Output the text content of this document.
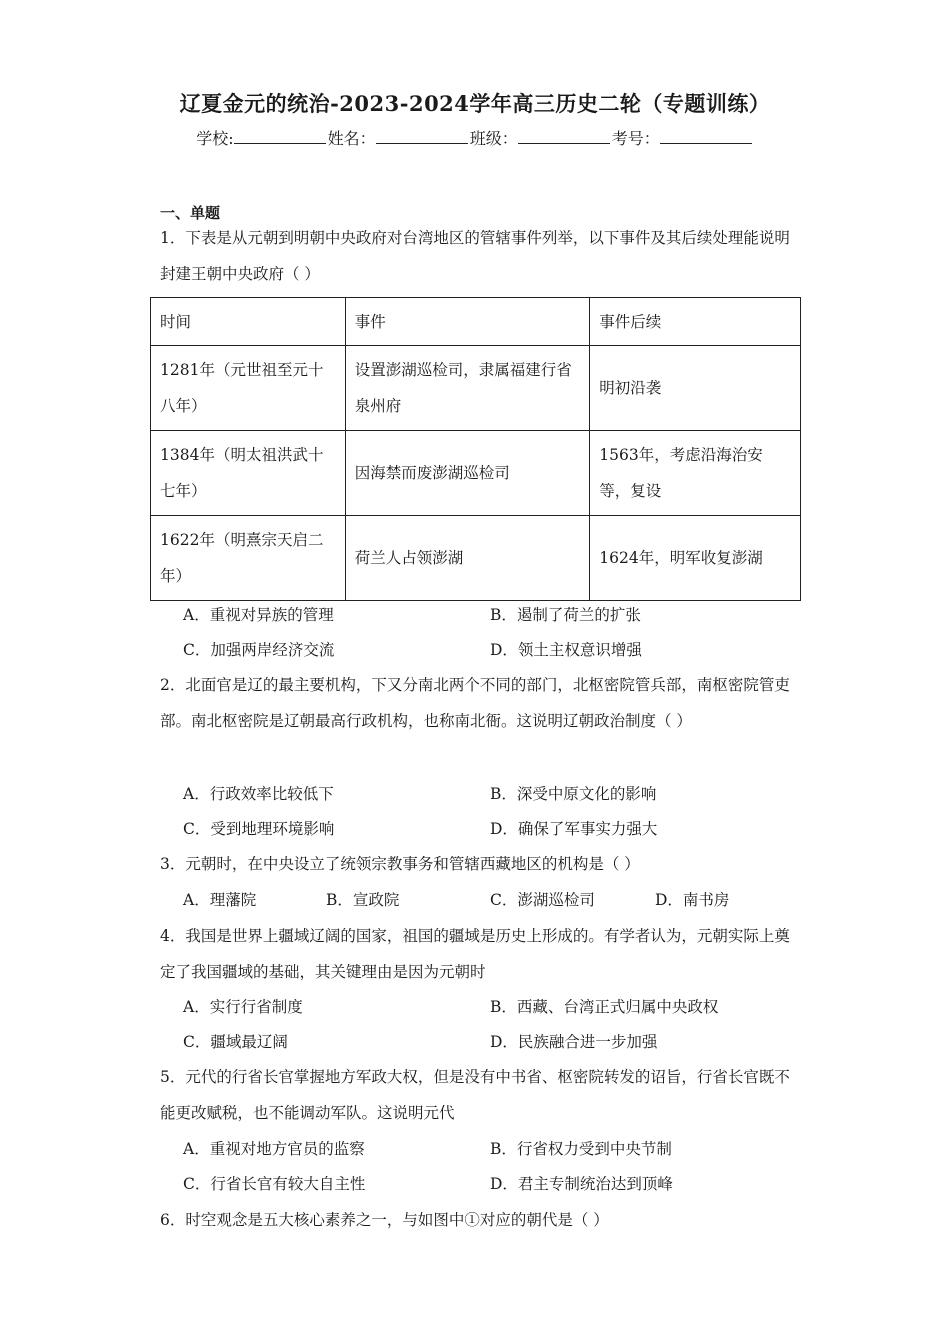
辽夏金元的统治-2023-2024学年高三历史二轮（专题训练）
学校:	姓名：	班级：	考号：
一、单题
1．下表是从元朝到明朝中央政府对台湾地区的管辖事件列举，以下事件及其后续处理能说明封建王朝中央政府（ ）
时间	事件	事件后续
1281年（元世祖至元十八年）	设置澎湖巡检司，隶属福建行省泉州府	明初沿袭
1384年（明太祖洪武十七年）	因海禁而废澎湖巡检司	1563年，考虑沿海治安等，复设
1622年（明熹宗天启二年）	荷兰人占领澎湖	1624年，明军收复澎湖
A．重视对异族的管理	B．遏制了荷兰的扩张
C．加强两岸经济交流	D．领土主权意识增强
2．北面官是辽的最主要机构，下又分南北两个不同的部门，北枢密院管兵部，南枢密院管吏部。南北枢密院是辽朝最高行政机构，也称南北衙。这说明辽朝政治制度（ ）
A．行政效率比较低下	B．深受中原文化的影响
C．受到地理环境影响	D．确保了军事实力强大
3．元朝时，在中央设立了统领宗教事务和管辖西藏地区的机构是（ ）
A．理藩院	B．宣政院	C．澎湖巡检司	D．南书房
4．我国是世界上疆域辽阔的国家，祖国的疆域是历史上形成的。有学者认为，元朝实际上奠定了我国疆域的基础，其关键理由是因为元朝时
A．实行行省制度	B．西藏、台湾正式归属中央政权
C．疆域最辽阔	D．民族融合进一步加强
5．元代的行省长官掌握地方军政大权，但是没有中书省、枢密院转发的诏旨，行省长官既不能更改赋税，也不能调动军队。这说明元代
A．重视对地方官员的监察	B．行省权力受到中央节制
C．行省长官有较大自主性	D．君主专制统治达到顶峰
6．时空观念是五大核心素养之一，与如图中①对应的朝代是（ ）
